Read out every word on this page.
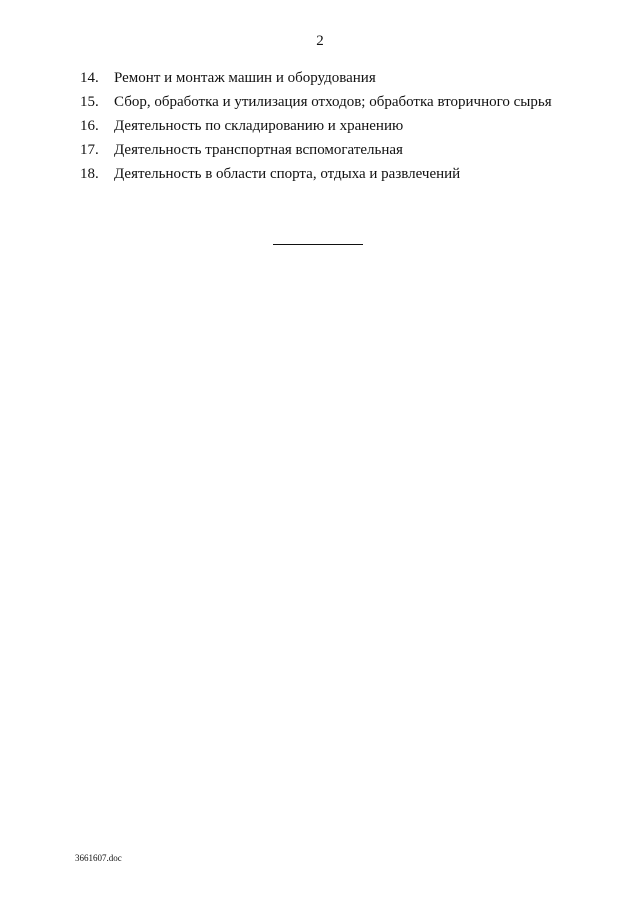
2
14.	Ремонт и монтаж машин и оборудования
15.	Сбор, обработка и утилизация отходов; обработка вторичного сырья
16.	Деятельность по складированию и хранению
17.	Деятельность транспортная вспомогательная
18.	Деятельность в области спорта, отдыха и развлечений
3661607.doc
